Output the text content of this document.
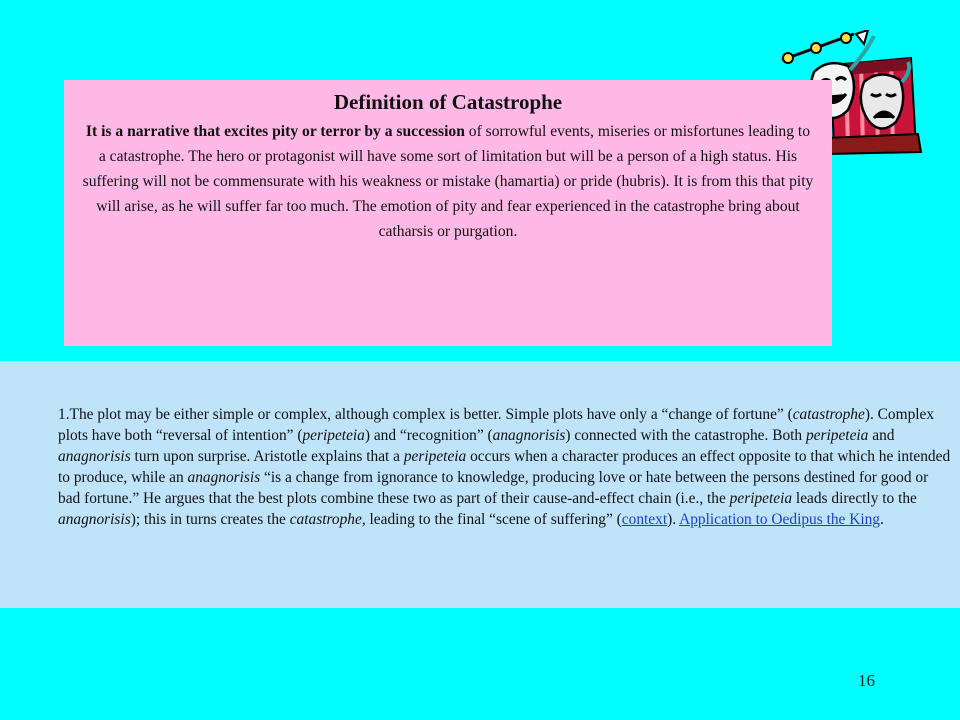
Definition of Catastrophe

It is a narrative that excites pity or terror by a succession of sorrowful events, miseries or misfortunes leading to a catastrophe. The hero or protagonist will have some sort of limitation but will be a person of a high status. His suffering will not be commensurate with his weakness or mistake (hamartia) or pride (hubris). It is from this that pity will arise, as he will suffer far too much. The emotion of pity and fear experienced in the catastrophe bring about catharsis or purgation.

1.The plot may be either simple or complex, although complex is better. Simple plots have only a “change of fortune” (catastrophe). Complex plots have both “reversal of intention” (peripeteia) and “recognition” (anagnorisis) connected with the catastrophe. Both peripeteia and anagnorisis turn upon surprise. Aristotle explains that a peripeteia occurs when a character produces an effect opposite to that which he intended to produce, while an anagnorisis “is a change from ignorance to knowledge, producing love or hate between the persons destined for good or bad fortune.” He argues that the best plots combine these two as part of their cause-and-effect chain (i.e., the peripeteia leads directly to the anagnorisis); this in turns creates the catastrophe, leading to the final “scene of suffering” (context). Application to Oedipus the King.

16
